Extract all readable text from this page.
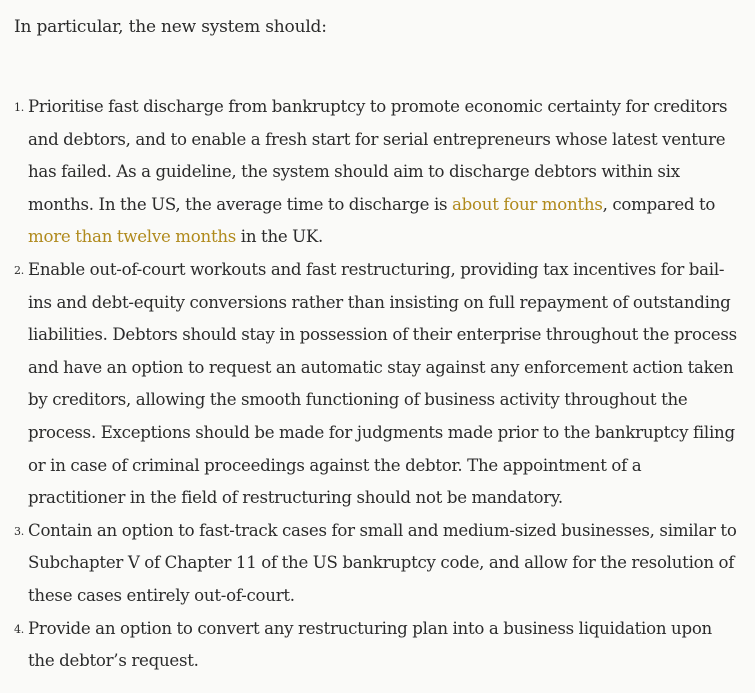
In particular, the new system should:

1. Prioritise fast discharge from bankruptcy to promote economic certainty for creditors and debtors, and to enable a fresh start for serial entrepreneurs whose latest venture has failed. As a guideline, the system should aim to discharge debtors within six months. In the US, the average time to discharge is about four months, compared to more than twelve months in the UK.
2. Enable out-of-court workouts and fast restructuring, providing tax incentives for bail-ins and debt-equity conversions rather than insisting on full repayment of outstanding liabilities. Debtors should stay in possession of their enterprise throughout the process and have an option to request an automatic stay against any enforcement action taken by creditors, allowing the smooth functioning of business activity throughout the process. Exceptions should be made for judgments made prior to the bankruptcy filing or in case of criminal proceedings against the debtor. The appointment of a practitioner in the field of restructuring should not be mandatory.
3. Contain an option to fast-track cases for small and medium-sized businesses, similar to Subchapter V of Chapter 11 of the US bankruptcy code, and allow for the resolution of these cases entirely out-of-court.
4. Provide an option to convert any restructuring plan into a business liquidation upon the debtor’s request.
